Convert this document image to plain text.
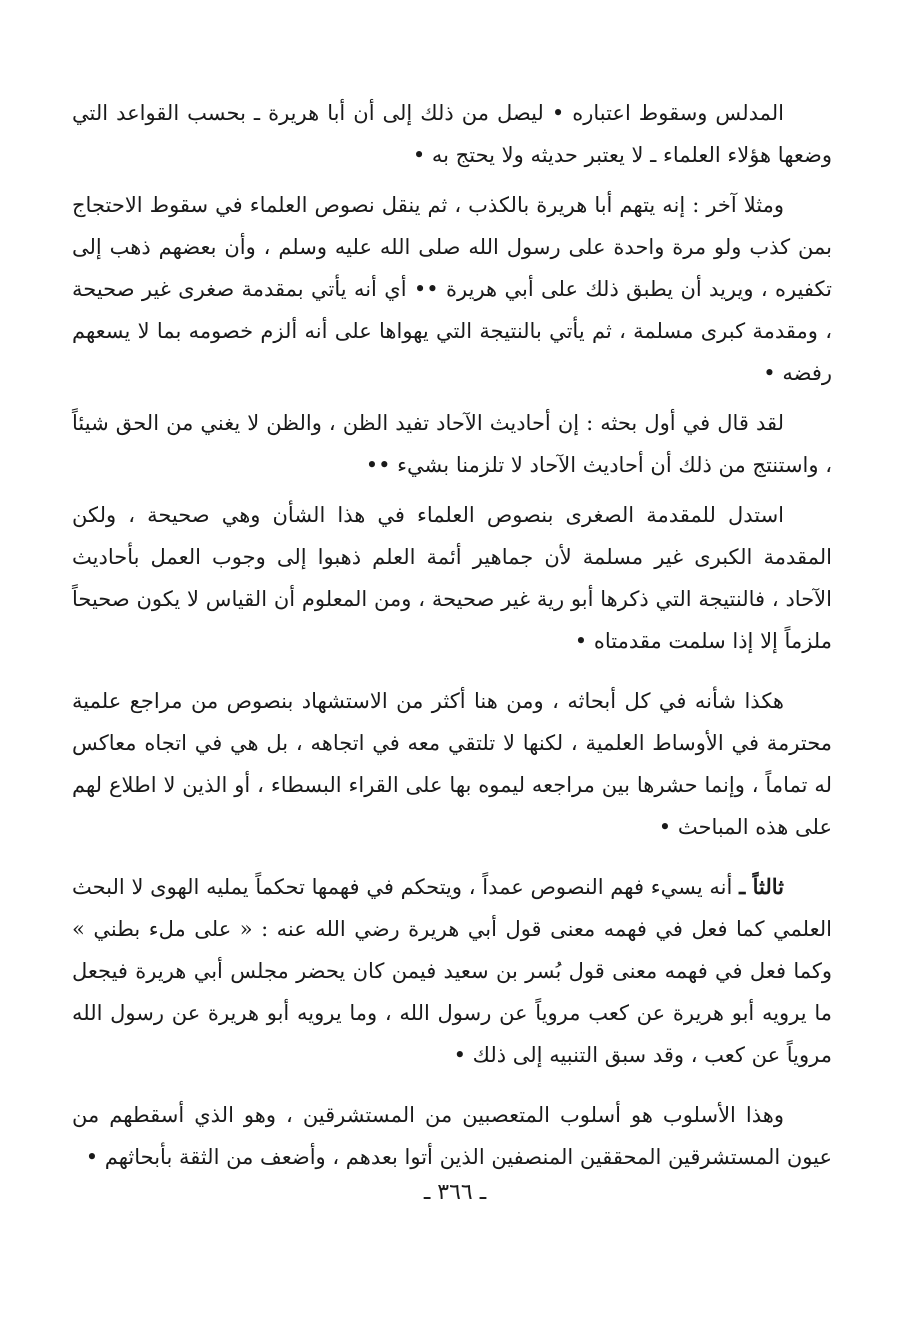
المدلس وسقوط اعتباره • ليصل من ذلك إلى أن أبا هريرة ـ بحسب القواعد التي وضعها هؤلاء العلماء ـ لا يعتبر حديثه ولا يحتج به •

ومثلا آخر : إنه يتهم أبا هريرة بالكذب ، ثم ينقل نصوص العلماء في سقوط الاحتجاج بمن كذب ولو مرة واحدة على رسول الله صلى الله عليه وسلم ، وأن بعضهم ذهب إلى تكفيره ، ويريد أن يطبق ذلك على أبي هريرة •• أي أنه يأتي بمقدمة صغرى غير صحيحة ، ومقدمة كبرى مسلمة ، ثم يأتي بالنتيجة التي يهواها على أنه ألزم خصومه بما لا يسعهم رفضه •

لقد قال في أول بحثه : إن أحاديث الآحاد تفيد الظن ، والظن لا يغني من الحق شيئاً ، واستنتج من ذلك أن أحاديث الآحاد لا تلزمنا بشيء ••

استدل للمقدمة الصغرى بنصوص العلماء في هذا الشأن وهي صحيحة ، ولكن المقدمة الكبرى غير مسلمة لأن جماهير أئمة العلم ذهبوا إلى وجوب العمل بأحاديث الآحاد ، فالنتيجة التي ذكرها أبو رية غير صحيحة ، ومن المعلوم أن القياس لا يكون صحيحاً ملزماً إلا إذا سلمت مقدمتاه •

هكذا شأنه في كل أبحاثه ، ومن هنا أكثر من الاستشهاد بنصوص من مراجع علمية محترمة في الأوساط العلمية ، لكنها لا تلتقي معه في اتجاهه ، بل هي في اتجاه معاكس له تماماً ، وإنما حشرها بين مراجعه ليموه بها على القراء البسطاء ، أو الذين لا اطلاع لهم على هذه المباحث •

ثالثاً ـ أنه يسيء فهم النصوص عمداً ، ويتحكم في فهمها تحكماً يمليه الهوى لا البحث العلمي كما فعل في فهمه معنى قول أبي هريرة رضي الله عنه : « على ملء بطني » وكما فعل في فهمه معنى قول بُسر بن سعيد فيمن كان يحضر مجلس أبي هريرة فيجعل ما يرويه أبو هريرة عن كعب مروياً عن رسول الله ، وما يرويه أبو هريرة عن رسول الله مروياً عن كعب ، وقد سبق التنبيه إلى ذلك •

وهذا الأسلوب هو أسلوب المتعصبين من المستشرقين ، وهو الذي أسقطهم من عيون المستشرقين المحققين المنصفين الذين أتوا بعدهم ، وأضعف من الثقة بأبحاثهم •

ـ ٣٦٦ ـ
